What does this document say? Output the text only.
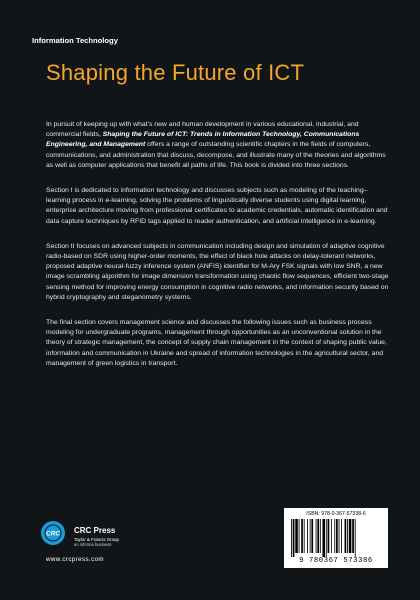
Information Technology
Shaping the Future of ICT

In pursuit of keeping up with what’s new and human development in various educational, industrial, and commercial fields, Shaping the Future of ICT: Trends in Information Technology, Communications Engineering, and Management offers a range of outstanding scientific chapters in the fields of computers, communications, and administration that discuss, decompose, and illustrate many of the theories and algorithms as well as computer applications that benefit all paths of life. This book is divided into three sections.

Section I is dedicated to information technology and discusses subjects such as modeling of the teaching–learning process in e-learning, solving the problems of linguistically diverse students using digital learning, enterprise architecture moving from professional certificates to academic credentials, automatic identification and data capture techniques by RFID tags applied to reader authentication, and artificial intelligence in e-learning.

Section II focuses on advanced subjects in communication including design and simulation of adaptive cognitive radio-based on SDR using higher-order moments, the effect of black hole attacks on delay-tolerant networks, proposed adaptive neural-fuzzy inference system (ANFIS) identifier for M-Ary FSK signals with low SNR, a new image scrambling algorithm for image dimension transformation using chaotic flow sequences, efficient two-stage sensing method for improving energy consumption in cognitive radio networks, and information security based on hybrid cryptography and steganometry systems.

The final section covers management science and discusses the following issues such as business process modeling for undergraduate programs, management through opportunities as an unconventional solution in the theory of strategic management, the concept of supply chain management in the context of shaping public value, information and communication in Ukraine and spread of information technologies in the agricultural sector, and management of green logistics in transport.

CRC CRC Press
Taylor & Francis Group
an informa business
www.crcpress.com
ISBN: 978-0-367-57338-6
9 780367 573386
